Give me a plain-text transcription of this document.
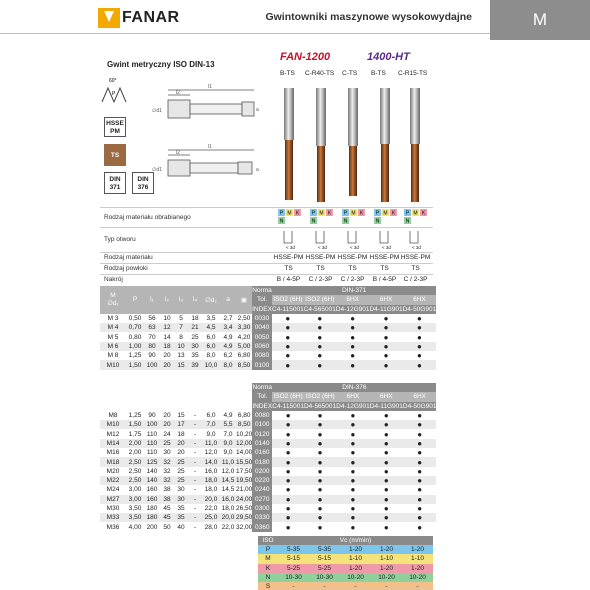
FANAR	Gwintowniki maszynowe wysokowydajne	M
Gwint metryczny ISO DIN-13
60°
P
HSSE PM
TS
DIN 371
DIN 376
l1
l2
∅d1	a
l1
l2
∅d1	a
FAN-1200	1400-HT
B-TS C-R40-TS C-TS B-TS C-R15-TS
Rodzaj materiału obrabianego
P M K
N
P M K
N
P M K
N
P M K
N
P M K
N
Typ otworu
< 3d	< 3d	< 3d	< 3d	< 3d
Rodzaj materiału	HSSE-PM HSSE-PM HSSE-PM HSSE-PM HSSE-PM
Rodzaj powłoki	TS	TS	TS	TS	TS
Nakrój	B / 4-5P	C / 2-3P	C / 2-3P	B / 4-5P	C / 2-3P
M
∅d₁	P	l₁	l₂	l₃	l₄	∅d₂	a	▣	Norma	DIN-371				
									Tol.	ISO2 (6H)	ISO2 (6H)	6HX	6HX	6HX
									INDEX	C4-115001	C4-565001	D4-12G901	D4-11G901	D4-50G901
M 3	0,50	56	10	5	18	3,5	2,7	2,50	0030	●	●	●	●	●
M 4	0,70	63	12	7	21	4,5	3,4	3,30	0040	●	●	●	●	●
M 5	0,80	70	14	8	25	6,0	4,9	4,20	0050	●	●	●	●	●
M 6	1,00	80	18	10	30	6,0	4,9	5,00	0060	●	●	●	●	●
M 8	1,25	90	20	13	35	8,0	6,2	6,80	0080	●	●	●	●	●
M10	1,50	100	20	15	39	10,0	8,0	8,50	0100	●	●	●	●	●
									Norma	DIN-376				
									Tol.	ISO2 (6H)	ISO2 (6H)	6HX	6HX	6HX
									INDEX	C4-115001	D4-565001	D4-12G901	D4-11G901	D4-50G901
M8	1,25	90	20	15	-	6,0	4,9	6,80	0080	●	●	●	●	●
M10	1,50	100	20	17	-	7,0	5,5	8,50	0100	●	●	●	●	●
M12	1,75	110	24	18	-	9,0	7,0	10,20	0120	●	●	●	●	●
M14	2,00	110	25	20	-	11,0	9,0	12,00	0140	●	●	●	●	●
M16	2,00	110	30	20	-	12,0	9,0	14,00	0160	●	●	●	●	●
M18	2,50	125	32	25	-	14,0	11,0	15,50	0180	●	●	●	●	●
M20	2,50	140	32	25	-	16,0	12,0	17,50	0200	●	●	●	●	●
M22	2,50	140	32	25	-	18,0	14,5	19,50	0220	●	●	●	●	●
M24	3,00	160	38	30	-	18,0	14,5	21,00	0240	●	●	●	●	●
M27	3,00	160	38	30	-	20,0	16,0	24,00	0270	●	●	●	●	●
M30	3,50	180	45	35	-	22,0	18,0	26,50	0300	●	●	●	●	●
M33	3,50	180	45	35	-	25,0	20,0	29,50	0330	●	●	●	●	●
M36	4,00	200	50	40	-	28,0	22,0	32,00	0360	●	●	●	●	●
ISO	Vc (m/min)				
P	5-35	5-35	1-20	1-20	1-20
M	5-15	5-15	1-10	1-10	1-10
K	5-25	5-25	1-20	1-20	1-20
N	10-30	10-30	10-20	10-20	10-20
S	-	-	-	-	-
